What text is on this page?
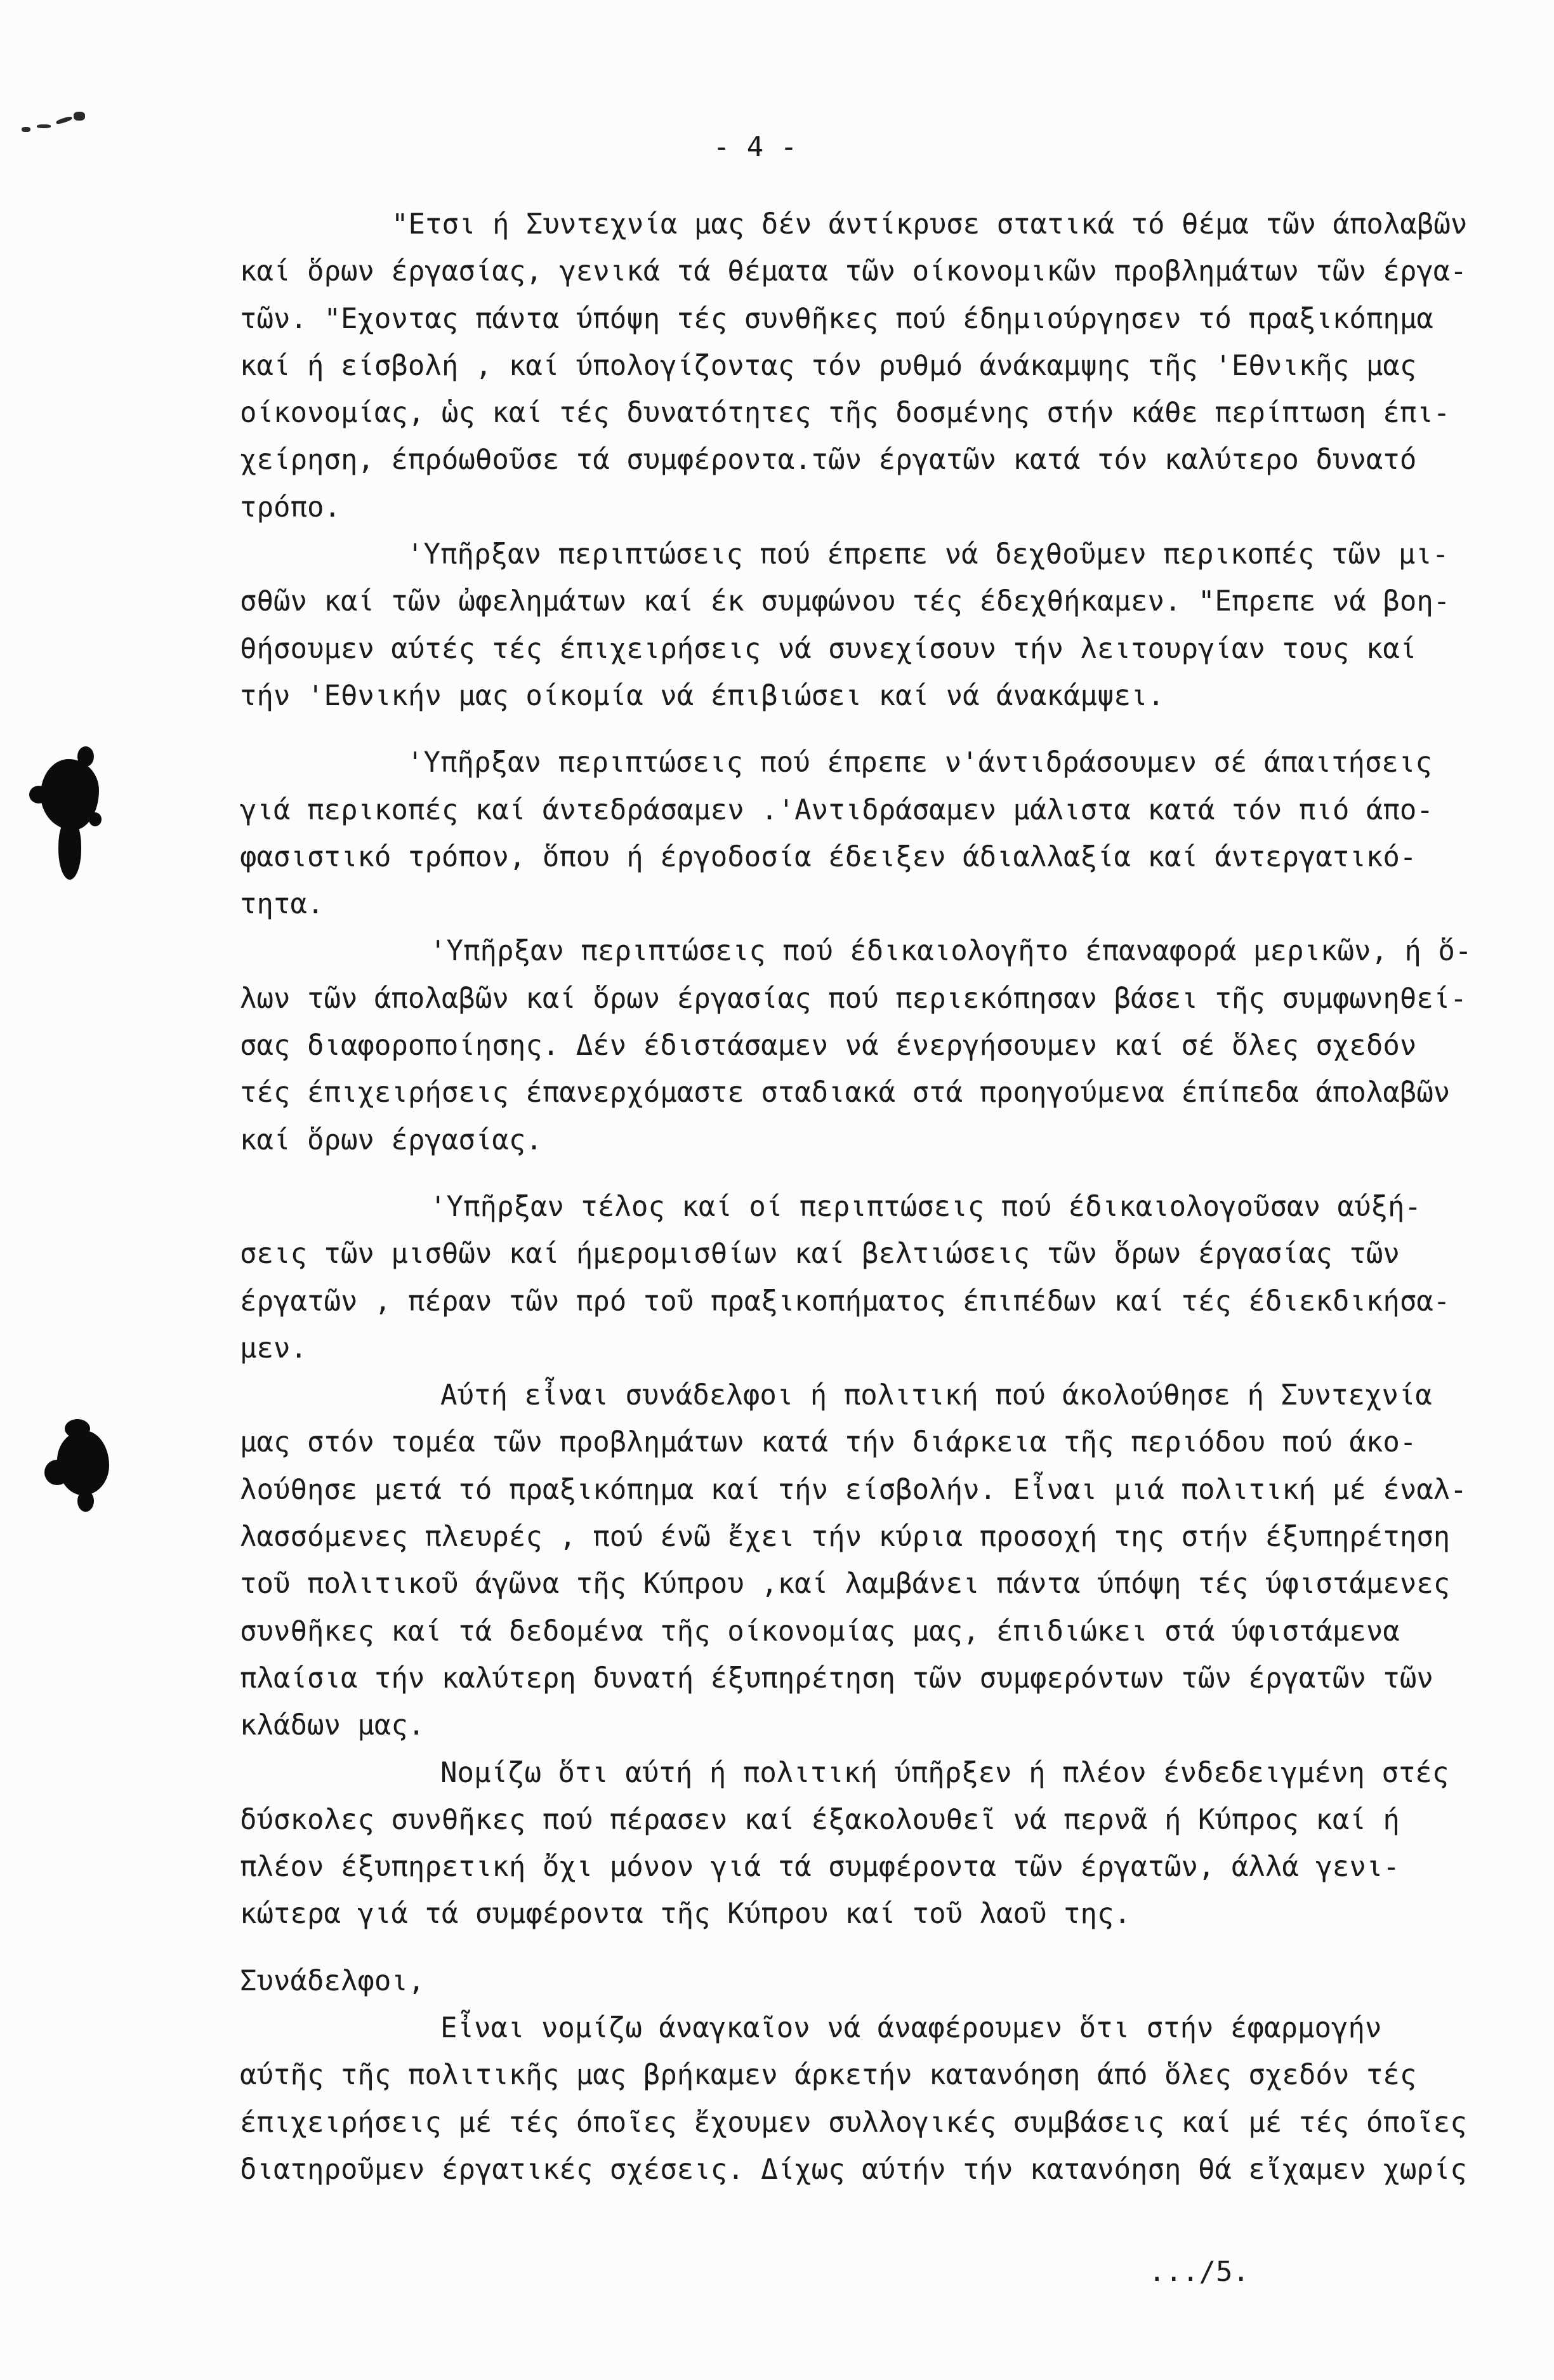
- 4 -
"Ετσι ή Συντεχνία μας δέν άντίκρυσε στατικά τό θέμα τῶν άπολαβῶν
καί ὅρων έργασίας, γενικά τά θέματα τῶν οίκονομικῶν προβλημάτων τῶν έργα-
τῶν. "Εχοντας πάντα ύπόψη τές συνθῆκες πού έδημιούργησεν τό πραξικόπημα
καί ή είσβολή , καί ύπολογίζοντας τόν ρυθμό άνάκαμψης τῆς 'Εθνικῆς μας
οίκονομίας, ὡς καί τές δυνατότητες τῆς δοσμένης στήν κάθε περίπτωση έπι-
χείρηση, έπρόωθοῦσε τά συμφέροντα.τῶν έργατῶν κατά τόν καλύτερο δυνατό
τρόπο.
'Υπῆρξαν περιπτώσεις πού έπρεπε νά δεχθοῦμεν περικοπές τῶν μι-
σθῶν καί τῶν ὠφελημάτων καί έκ συμφώνου τές έδεχθήκαμεν. "Επρεπε νά βοη-
θήσουμεν αύτές τές έπιχειρήσεις νά συνεχίσουν τήν λειτουργίαν τους καί
τήν 'Εθνικήν μας οίκομία νά έπιβιώσει καί νά άνακάμψει.
'Υπῆρξαν περιπτώσεις πού έπρεπε ν'άντιδράσουμεν σέ άπαιτήσεις
γιά περικοπές καί άντεδράσαμεν .'Αντιδράσαμεν μάλιστα κατά τόν πιό άπο-
φασιστικό τρόπον, ὅπου ή έργοδοσία έδειξεν άδιαλλαξία καί άντεργατικό-
τητα.
'Υπῆρξαν περιπτώσεις πού έδικαιολογῆτο έπαναφορά μερικῶν, ή ὅ-
λων τῶν άπολαβῶν καί ὅρων έργασίας πού περιεκόπησαν βάσει τῆς συμφωνηθεί-
σας διαφοροποίησης. Δέν έδιστάσαμεν νά ένεργήσουμεν καί σέ ὅλες σχεδόν
τές έπιχειρήσεις έπανερχόμαστε σταδιακά στά προηγούμενα έπίπεδα άπολαβῶν
καί ὅρων έργασίας.
'Υπῆρξαν τέλος καί οί περιπτώσεις πού έδικαιολογοῦσαν αύξή-
σεις τῶν μισθῶν καί ήμερομισθίων καί βελτιώσεις τῶν ὅρων έργασίας τῶν
έργατῶν , πέραν τῶν πρό τοῦ πραξικοπήματος έπιπέδων καί τές έδιεκδικήσα-
μεν.
Αύτή εἶναι συνάδελφοι ή πολιτική πού άκολούθησε ή Συντεχνία
μας στόν τομέα τῶν προβλημάτων κατά τήν διάρκεια τῆς περιόδου πού άκο-
λούθησε μετά τό πραξικόπημα καί τήν είσβολήν. Εἶναι μιά πολιτική μέ έναλ-
λασσόμενες πλευρές , πού ένῶ ἔχει τήν κύρια προσοχή της στήν έξυπηρέτηση
τοῦ πολιτικοῦ άγῶνα τῆς Κύπρου ,καί λαμβάνει πάντα ύπόψη τές ύφιστάμενες
συνθῆκες καί τά δεδομένα τῆς οίκονομίας μας, έπιδιώκει στά ύφιστάμενα
πλαίσια τήν καλύτερη δυνατή έξυπηρέτηση τῶν συμφερόντων τῶν έργατῶν τῶν
κλάδων μας.
Νομίζω ὅτι αύτή ή πολιτική ύπῆρξεν ή πλέον ένδεδειγμένη στές
δύσκολες συνθῆκες πού πέρασεν καί έξακολουθεῖ νά περνᾶ ή Κύπρος καί ή
πλέον έξυπηρετική ὄχι μόνον γιά τά συμφέροντα τῶν έργατῶν, άλλά γενι-
κώτερα γιά τά συμφέροντα τῆς Κύπρου καί τοῦ λαοῦ της.
Συνάδελφοι,
Εἶναι νομίζω άναγκαῖον νά άναφέρουμεν ὅτι στήν έφαρμογήν
αύτῆς τῆς πολιτικῆς μας βρήκαμεν άρκετήν κατανόηση άπό ὅλες σχεδόν τές
έπιχειρήσεις μέ τές όποῖες ἔχουμεν συλλογικές συμβάσεις καί μέ τές όποῖες
διατηροῦμεν έργατικές σχέσεις. Δίχως αύτήν τήν κατανόηση θά εἴχαμεν χωρίς
.../5.
